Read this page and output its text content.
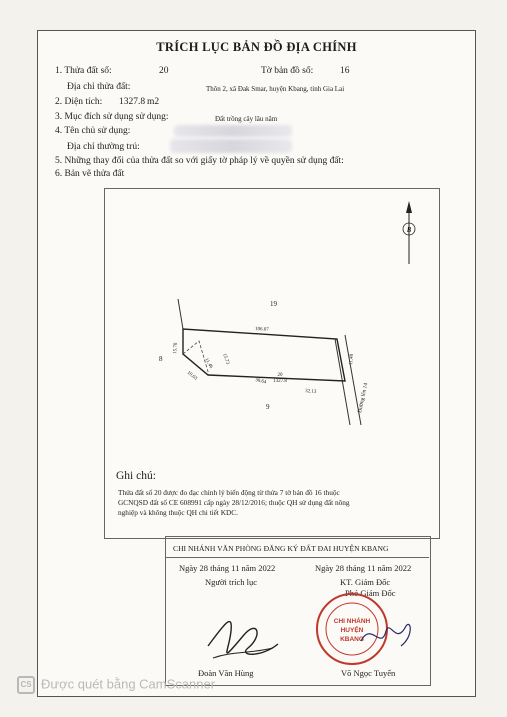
TRÍCH LỤC BẢN ĐỒ ĐỊA CHÍNH
1. Thửa đất số:	20	Tờ bản đồ số:	16
Địa chỉ thửa đất:	Thôn 2, xã Đak Smar, huyện Kbang, tỉnh Gia Lai
2. Diện tích: 1327.8 m2
3. Mục đích sử dụng sử dụng:	Đất trồng cây lâu năm
4. Tên chủ sử dụng:
Địa chỉ thường trú:
5. Những thay đổi của thửa đất so với giấy tờ pháp lý về quyền sử dụng đất:
6. Bản vẽ thửa đất
B
19
8
9
20
1327.8
106.07
15.78
10.63
11.46 15.73
38.64
32.13
11.48
Đường lên 14
Ghi chú:
Thửa đất số 20 được đo đạc chỉnh lý biến động từ thửa 7 tờ bản đồ 16 thuộc GCNQSD đất số CE 608991 cấp ngày 28/12/2016; thuộc QH sử dụng đất nông nghiệp và không thuộc QH chi tiết KDC.
CHI NHÁNH VĂN PHÒNG ĐĂNG KÝ ĐẤT ĐAI HUYỆN KBANG
Ngày 28 tháng 11 năm 2022
Người trích lục
Đoàn Văn Hùng
Ngày 28 tháng 11 năm 2022
KT. Giám Đốc
Phó Giám Đốc
CHI NHÁNH
HUYỆN
KBANG
Võ Ngọc Tuyến
CS Được quét bằng CamScanner
